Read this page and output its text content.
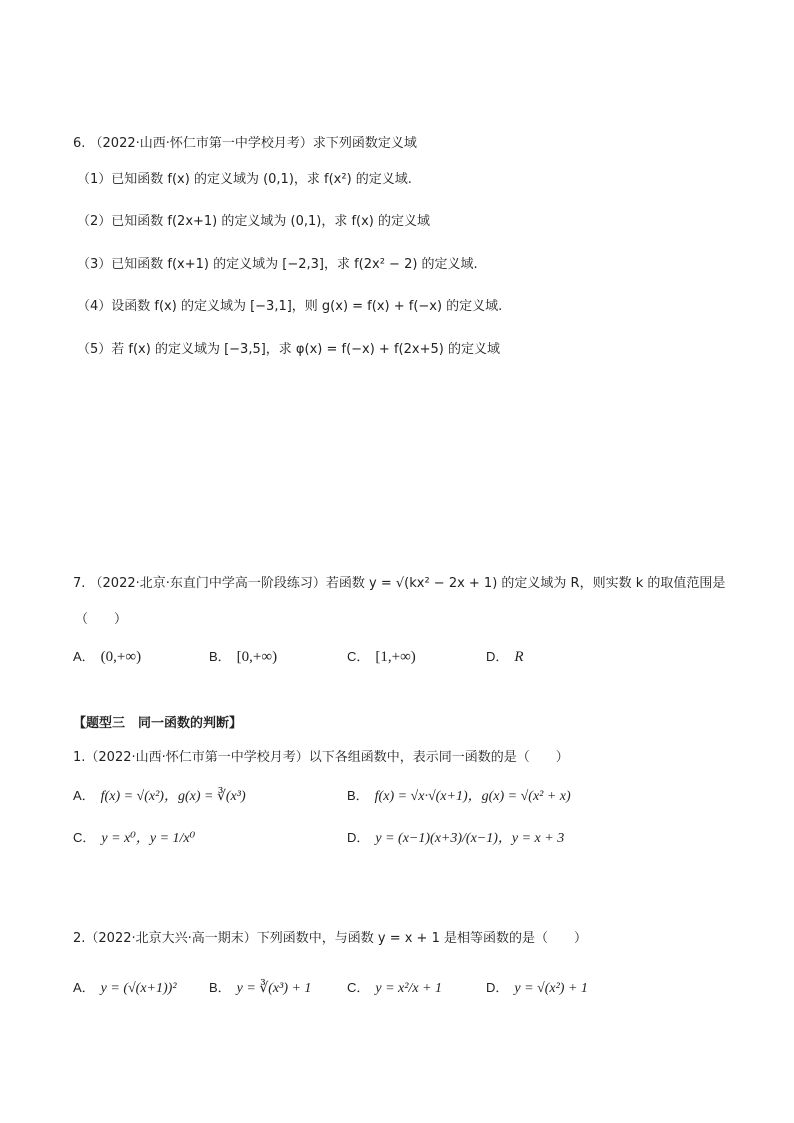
6. （2022·山西·怀仁市第一中学校月考）求下列函数定义域
（1）已知函数 f(x) 的定义域为 (0,1)，求 f(x²) 的定义域.
（2）已知函数 f(2x+1) 的定义域为 (0,1)，求 f(x) 的定义域
（3）已知函数 f(x+1) 的定义域为 [−2,3]，求 f(2x² − 2) 的定义域.
（4）设函数 f(x) 的定义域为 [−3,1]，则 g(x) = f(x) + f(−x) 的定义域.
（5）若 f(x) 的定义域为 [−3,5]，求 φ(x) = f(−x) + f(2x+5) 的定义域
7. （2022·北京·东直门中学高一阶段练习）若函数 y = √(kx² − 2x + 1) 的定义域为 R，则实数 k 的取值范围是
（　　）
A． (0,+∞)	B． [0,+∞)	C． [1,+∞)	D． R
【题型三　同一函数的判断】
1.（2022·山西·怀仁市第一中学校月考）以下各组函数中，表示同一函数的是（　　）
A． f(x) = √(x²)，g(x) = ∛(x³)	B． f(x) = √x·√(x+1)，g(x) = √(x² + x)
C． y = x⁰，y = 1/x⁰	D． y = (x−1)(x+3)/(x−1)，y = x + 3
2.（2022·北京大兴·高一期末）下列函数中，与函数 y = x + 1 是相等函数的是（　　）
A． y = (√(x+1))² B． y = ∛(x³) + 1	C． y = x²/x + 1	D． y = √(x²) + 1
